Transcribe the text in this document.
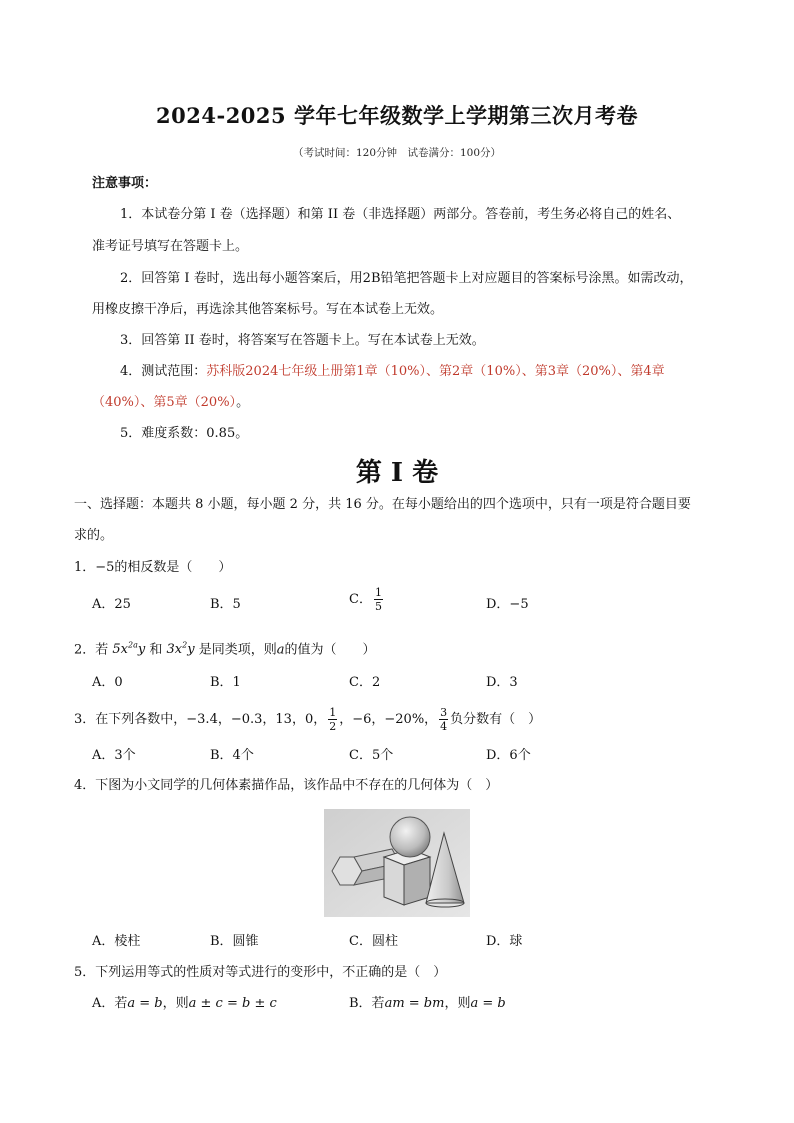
2024-2025 学年七年级数学上学期第三次月考卷
（考试时间：120分钟　试卷满分：100分）
注意事项：
1．本试卷分第 I 卷（选择题）和第 II 卷（非选择题）两部分。答卷前，考生务必将自己的姓名、
准考证号填写在答题卡上。
2．回答第 I 卷时，选出每小题答案后，用2B铅笔把答题卡上对应题目的答案标号涂黑。如需改动，
用橡皮擦干净后，再选涂其他答案标号。写在本试卷上无效。
3．回答第 II 卷时，将答案写在答题卡上。写在本试卷上无效。
4．测试范围：苏科版2024七年级上册第1章（10%）、第2章（10%）、第3章（20%）、第4章
（40%）、第5章（20%）。
5．难度系数：0.85。
第 I 卷
一、选择题：本题共 8 小题，每小题 2 分，共 16 分。在每小题给出的四个选项中，只有一项是符合题目要
求的。
1．−5的相反数是（　　）
A．25	B．5	C． $\frac{1}{5}$	D．−5
2．若 $5x^{2a}y$ 和 $3x^2y$ 是同类项，则a的值为（　　）
A．0	B．1	C．2	D．3
3．在下列各数中，−3.4，−0.3，13，0， $\frac{1}{2}$ ，−6，−20%， $\frac{3}{4}$ 负分数有（　）
A．3个	B．4个	C．5个	D．6个
4．下图为小文同学的几何体素描作品，该作品中不存在的几何体为（　）
A．棱柱	B．圆锥	C．圆柱	D．球
5．下列运用等式的性质对等式进行的变形中，不正确的是（　）
A．若a = b，则a ± c = b ± c	B．若am = bm，则a = b
